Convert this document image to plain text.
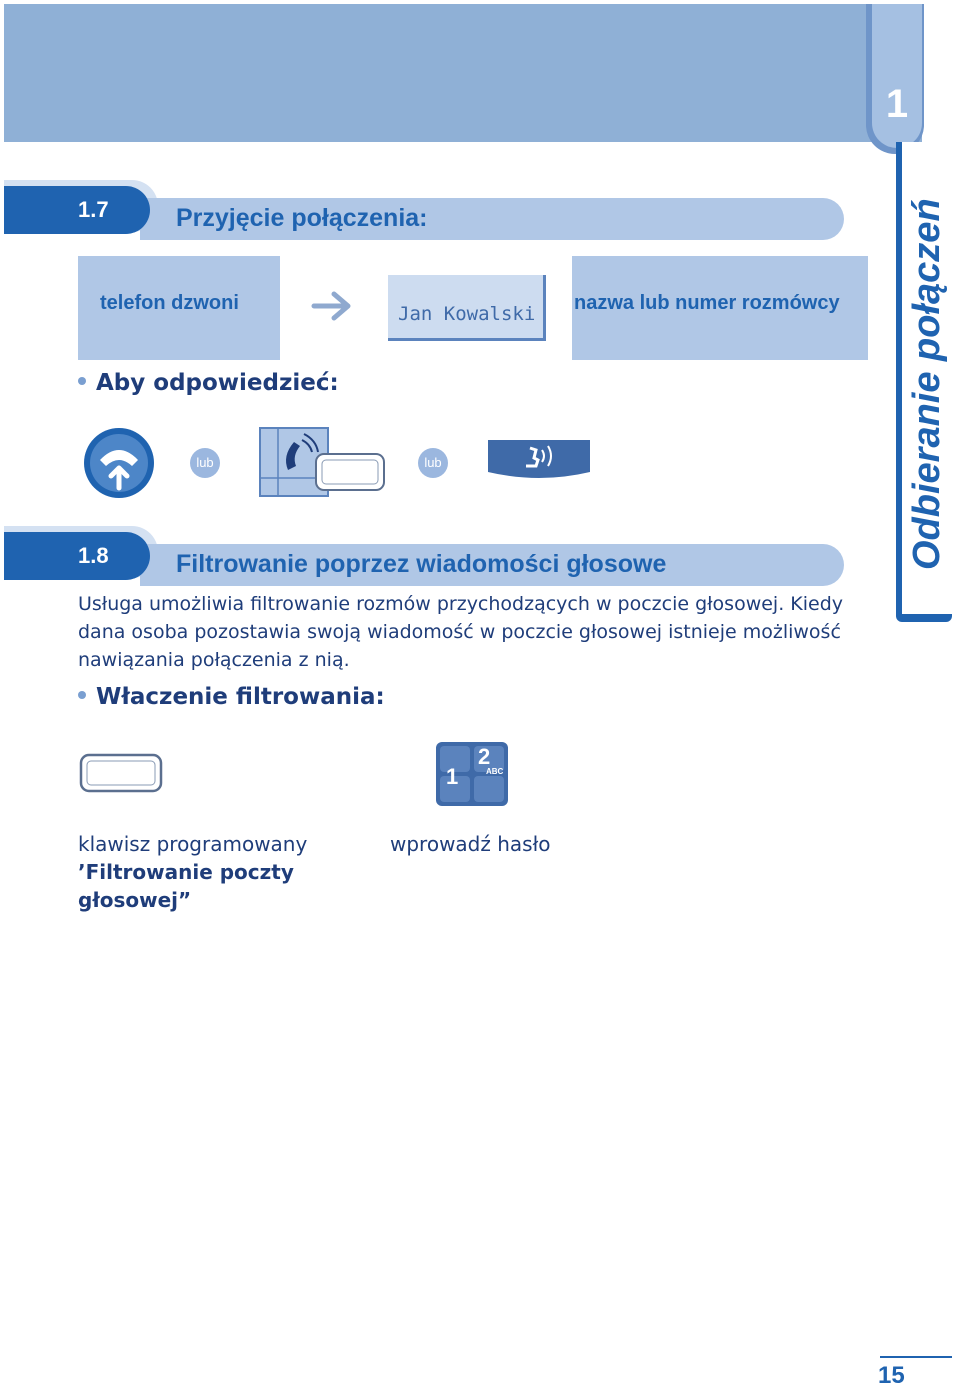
1
Odbieranie połączeń
1.7	Przyjęcie połączenia:
telefon dzwoni	Jan Kowalski nazwa lub numer rozmówcy
Aby odpowiedzieć:
lub	lub
1.8	Filtrowanie poprzez wiadomości głosowe
Usługa umożliwia filtrowanie rozmów przychodzących w poczcie głosowej. Kiedy
dana osoba pozostawia swoją wiadomość w poczcie głosowej istnieje możliwość
nawiązania połączenia z nią.
Właczenie filtrowania:
1
2
ABC
klawisz programowany
’Filtrowanie poczty
głosowej”
wprowadź hasło
15
